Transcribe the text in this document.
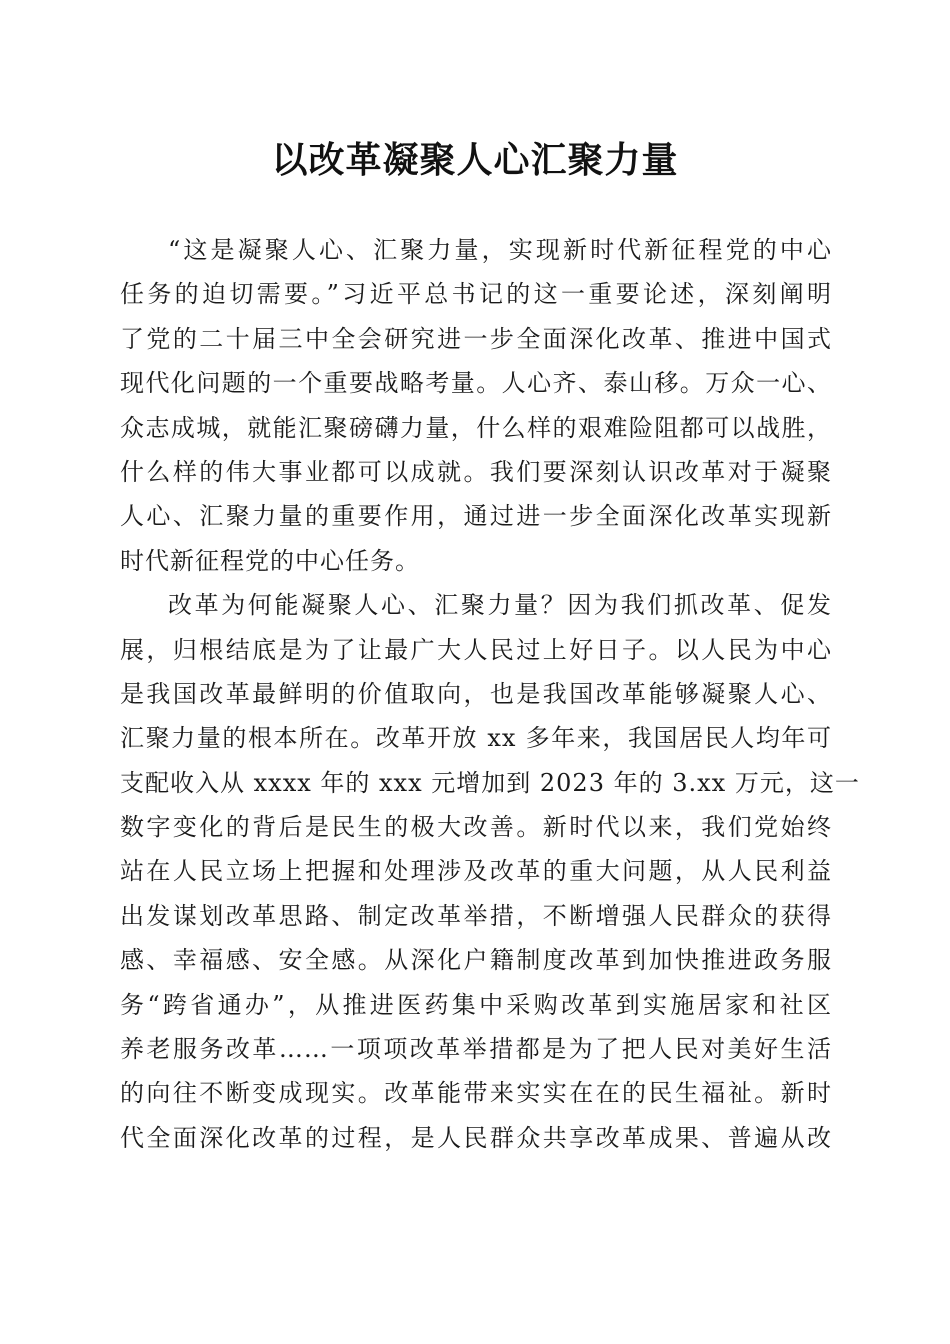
以改革凝聚人心汇聚力量
“这是凝聚人心、汇聚力量，实现新时代新征程党的中心
任务的迫切需要。”习近平总书记的这一重要论述，深刻阐明
了党的二十届三中全会研究进一步全面深化改革、推进中国式
现代化问题的一个重要战略考量。人心齐、泰山移。万众一心、
众志成城，就能汇聚磅礴力量，什么样的艰难险阻都可以战胜，
什么样的伟大事业都可以成就。我们要深刻认识改革对于凝聚
人心、汇聚力量的重要作用，通过进一步全面深化改革实现新
时代新征程党的中心任务。
改革为何能凝聚人心、汇聚力量？因为我们抓改革、促发
展，归根结底是为了让最广大人民过上好日子。以人民为中心
是我国改革最鲜明的价值取向，也是我国改革能够凝聚人心、
汇聚力量的根本所在。改革开放 xx 多年来，我国居民人均年可
支配收入从 xxxx 年的 xxx 元增加到 2023 年的 3.xx 万元，这一
数字变化的背后是民生的极大改善。新时代以来，我们党始终
站在人民立场上把握和处理涉及改革的重大问题，从人民利益
出发谋划改革思路、制定改革举措，不断增强人民群众的获得
感、幸福感、安全感。从深化户籍制度改革到加快推进政务服
务“跨省通办”，从推进医药集中采购改革到实施居家和社区
养老服务改革……一项项改革举措都是为了把人民对美好生活
的向往不断变成现实。改革能带来实实在在的民生福祉。新时
代全面深化改革的过程，是人民群众共享改革成果、普遍从改
